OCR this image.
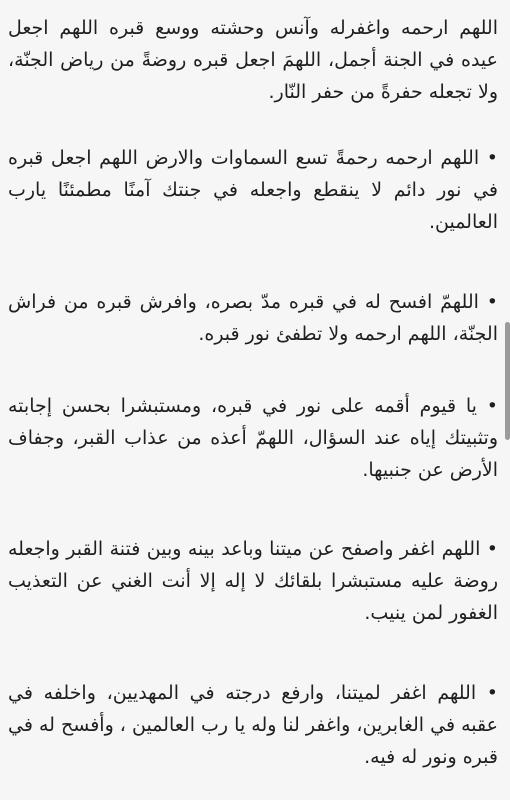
اللهم ارحمه واغفرله وآنس وحشته ووسع قبره اللهم اجعل عيده في الجنة أجمل، اللهمَ اجعل قبره روضةً من رياض الجنّة، ولا تجعله حفرةً من حفر النّار.

• اللهم ارحمه رحمةً تسع السماوات والارض اللهم اجعل قبره في نور دائم لا ينقطع واجعله في جنتك آمنًا مطمئنًا يارب العالمين.

• اللهمّ افسح له في قبره مدّ بصره، وافرش قبره من فراش الجنّة، اللهم ارحمه ولا تطفئ نور قبره.

• يا قيوم أقمه على نور في قبره، ومستبشرا بحسن إجابته وتثبيتك إياه عند السؤال، اللهمّ أعذه من عذاب القبر، وجفاف الأرض عن جنبيها.

• اللهم اغفر واصفح عن ميتنا وباعد بينه وبين فتنة القبر واجعله روضة عليه مستبشرا بلقائك لا إله إلا أنت الغني عن التعذيب الغفور لمن ينيب.

• اللهم اغفر لميتنا، وارفع درجته في المهديين، واخلفه في عقبه في الغابرين، واغفر لنا وله يا رب العالمين ، وأفسح له في قبره ونور له فيه.
